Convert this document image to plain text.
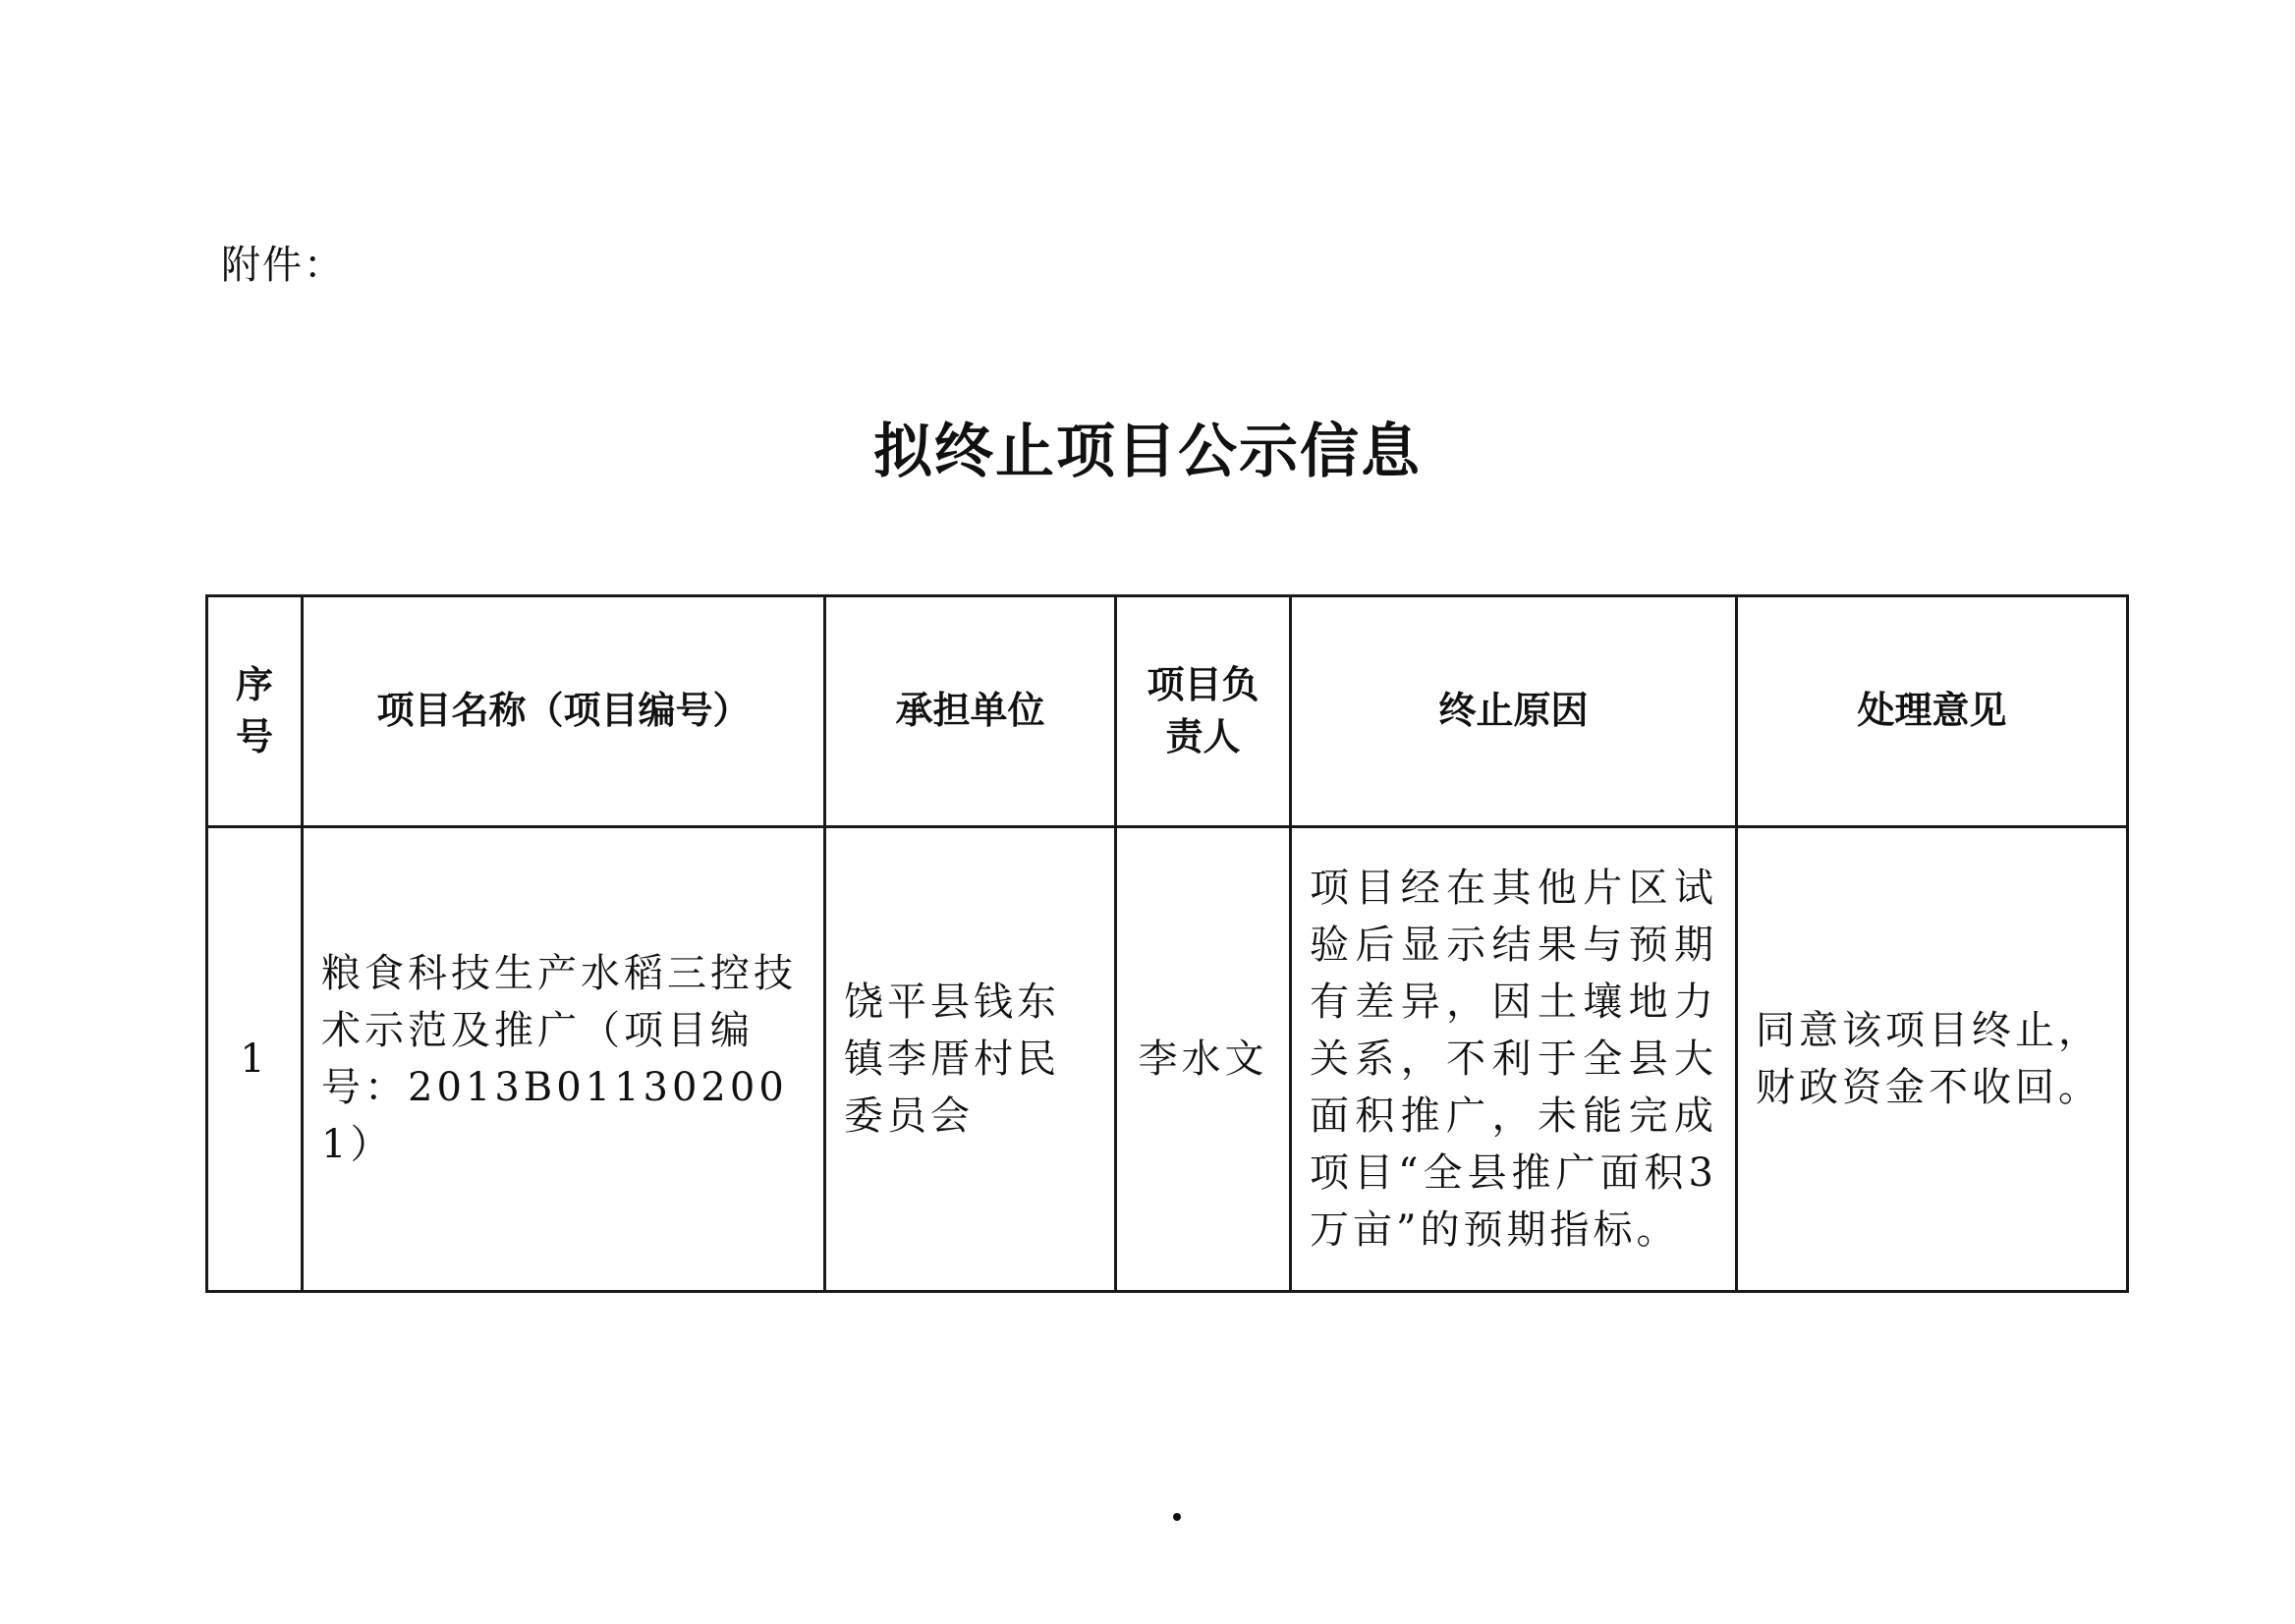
附件：
拟终止项目公示信息
序号	项目名称（项目编号）	承担单位	项目负责人	终止原因	处理意见
1	粮食科技生产水稻三控技术示范及推广（项目编号：2013B011302001）	饶平县钱东镇李厝村民委员会	李水文	项目经在其他片区试验后显示结果与预期有差异，因土壤地力关系，不利于全县大面积推广，未能完成项目“全县推广面积3万亩”的预期指标。	同意该项目终止，财政资金不收回。
